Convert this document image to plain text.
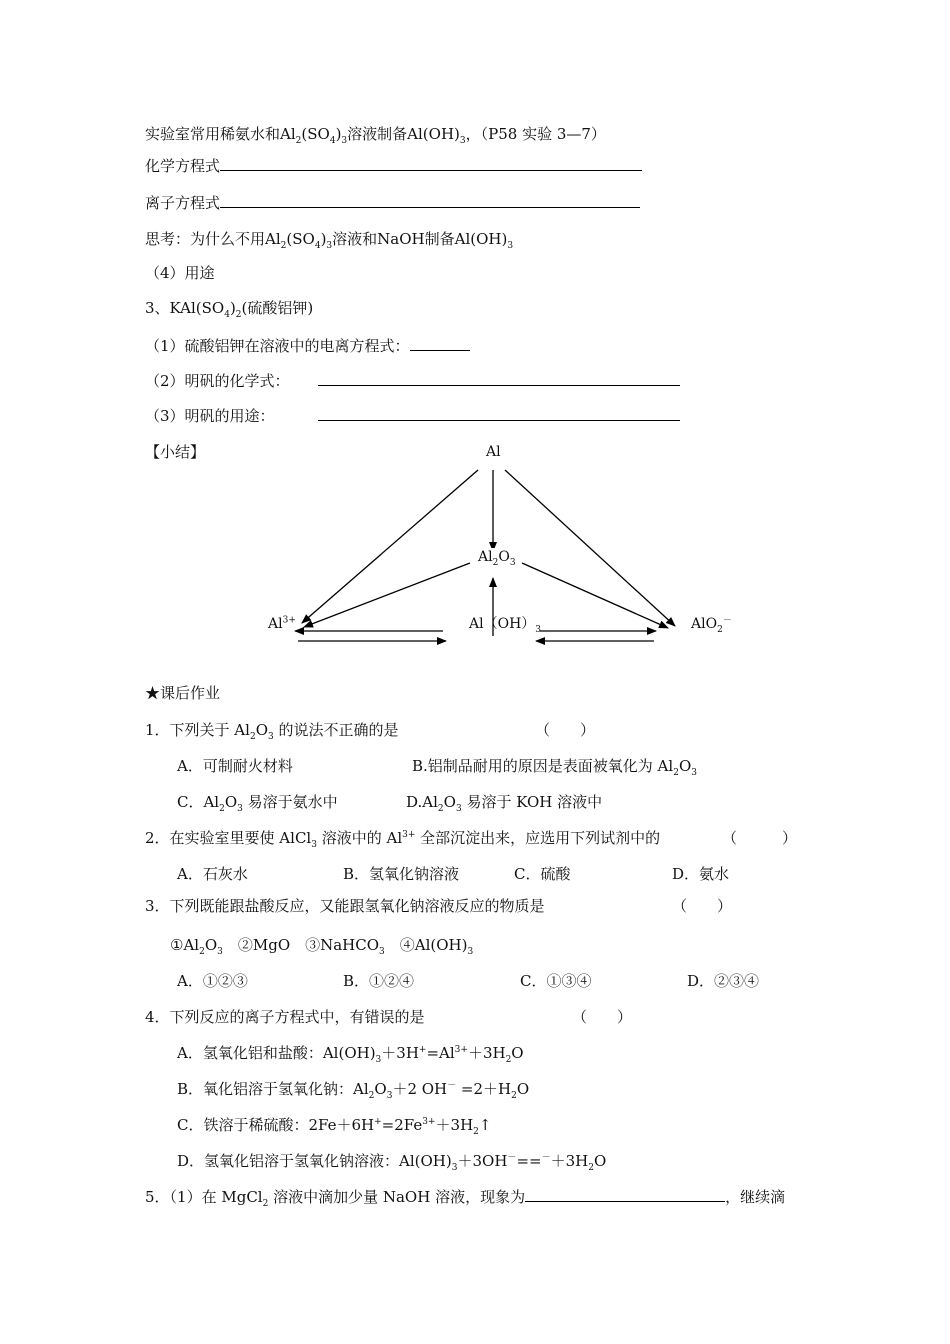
实验室常用稀氨水和$Al_2(SO_4)_3$溶液制备$Al(OH)_3$，（P58 实验 3—7）
化学方程式
离子方程式
思考：为什么不用$Al_2(SO_4)_3$溶液和NaOH制备$Al(OH)_3$
（4）用途
3、$KAl(SO_4)_2$(硫酸铝钾)
（1）硫酸铝钾在溶液中的电离方程式：
（2）明矾的化学式：
（3）明矾的用途：
【小结】	Al
$Al_2O_3$
$Al^{3+}$	$Al(OH)_3$	AlO$_2$－
★课后作业
1．下列关于 $Al_2O_3$ 的说法不正确的是	（　　）
A．可制耐火材料	B.铝制品耐用的原因是表面被氧化为 $Al_2O_3$
C．$Al_2O_3$ 易溶于氨水中	$D.Al_2O_3$ 易溶于 KOH 溶液中
2．在实验室里要使 AlCl$_3$ 溶液中的 $Al^{3+}$ 全部沉淀出来，应选用下列试剂中的	（　　　）
A．石灰水	B．氢氧化钠溶液	C．硫酸	D．氨水
3．下列既能跟盐酸反应，又能跟氢氧化钠溶液反应的物质是	（　　）
$①Al_2O_3$　②MgO　③NaHCO$_3$　$④Al(OH)_3$
A．①②③	B．①②④	C．①③④	D．②③④
4．下列反应的离子方程式中，有错误的是	（　　）
A．氢氧化铝和盐酸：$Al(OH)_3+3H^+=Al^{3+}+3H_2O$
B．氧化铝溶于氢氧化钠：$Al_2O_3+2$ $OH^- =2+H_2O$
C．铁溶于稀硫酸：$2Fe+6H^+=2Fe^{3+}+3H_2↑$
D．氢氧化铝溶于氢氧化钠溶液：$Al(OH)_3+3OH^-==^-+3H_2O$
5．（1）在 MgCl$_2$ 溶液中滴加少量 NaOH 溶液，现象为	，继续滴
